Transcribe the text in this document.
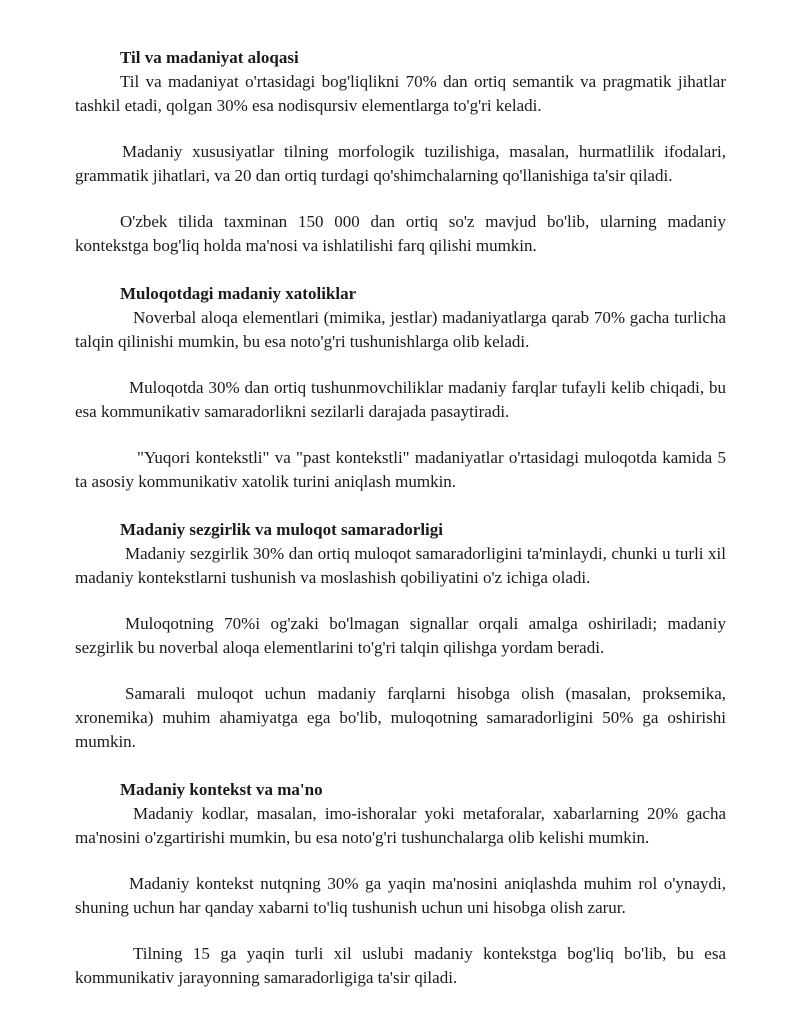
Til va madaniyat aloqasi

Til va madaniyat o'rtasidagi bog'liqlikni 70% dan ortiq semantik va pragmatik jihatlar tashkil etadi, qolgan 30% esa nodisqursiv elementlarga to'g'ri keladi.

Madaniy xususiyatlar tilning morfologik tuzilishiga, masalan, hurmatlilik ifodalari, grammatik jihatlari, va 20 dan ortiq turdagi qo'shimchalarning qo'llanishiga ta'sir qiladi.

O'zbek tilida taxminan 150 000 dan ortiq so'z mavjud bo'lib, ularning madaniy kontekstga bog'liq holda ma'nosi va ishlatilishi farq qilishi mumkin.

Muloqotdagi madaniy xatoliklar

Noverbal aloqa elementlari (mimika, jestlar) madaniyatlarga qarab 70% gacha turlicha talqin qilinishi mumkin, bu esa noto'g'ri tushunishlarga olib keladi.

Muloqotda 30% dan ortiq tushunmovchiliklar madaniy farqlar tufayli kelib chiqadi, bu esa kommunikativ samaradorlikni sezilarli darajada pasaytiradi.

"Yuqori kontekstli" va "past kontekstli" madaniyatlar o'rtasidagi muloqotda kamida 5 ta asosiy kommunikativ xatolik turini aniqlash mumkin.

Madaniy sezgirlik va muloqot samaradorligi

Madaniy sezgirlik 30% dan ortiq muloqot samaradorligini ta'minlaydi, chunki u turli xil madaniy kontekstlarni tushunish va moslashish qobiliyatini o'z ichiga oladi.

Muloqotning 70%i og'zaki bo'lmagan signallar orqali amalga oshiriladi; madaniy sezgirlik bu noverbal aloqa elementlarini to'g'ri talqin qilishga yordam beradi.

Samarali muloqot uchun madaniy farqlarni hisobga olish (masalan, proksemika, xronemika) muhim ahamiyatga ega bo'lib, muloqotning samaradorligini 50% ga oshirishi mumkin.

Madaniy kontekst va ma'no

Madaniy kodlar, masalan, imo-ishoralar yoki metaforalar, xabarlarning 20% gacha ma'nosini o'zgartirishi mumkin, bu esa noto'g'ri tushunchalarga olib kelishi mumkin.

Madaniy kontekst nutqning 30% ga yaqin ma'nosini aniqlashda muhim rol o'ynaydi, shuning uchun har qanday xabarni to'liq tushunish uchun uni hisobga olish zarur.

Tilning 15 ga yaqin turli xil uslubi madaniy kontekstga bog'liq bo'lib, bu esa kommunikativ jarayonning samaradorligiga ta'sir qiladi.
